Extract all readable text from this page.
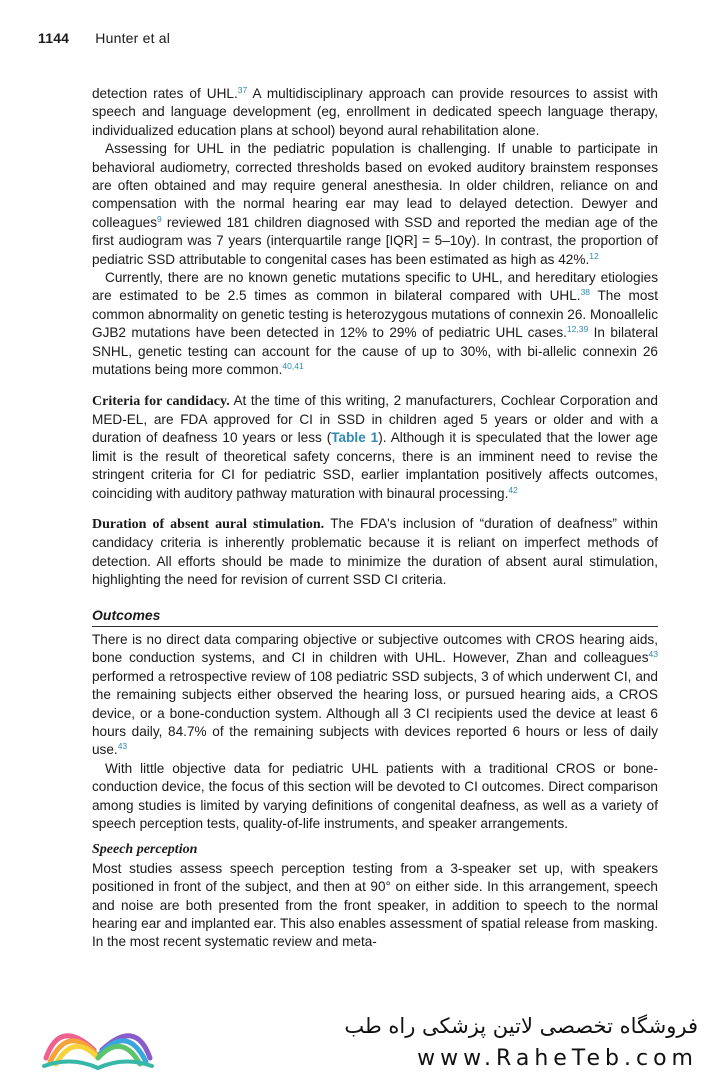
1144 Hunter et al

detection rates of UHL.$^{37}$ A multidisciplinary approach can provide resources to assist with speech and language development (eg, enrollment in dedicated speech language therapy, individualized education plans at school) beyond aural rehabilitation alone.

Assessing for UHL in the pediatric population is challenging. If unable to participate in behavioral audiometry, corrected thresholds based on evoked auditory brainstem responses are often obtained and may require general anesthesia. In older children, reliance on and compensation with the normal hearing ear may lead to delayed detection. Dewyer and colleagues$^9$ reviewed 181 children diagnosed with SSD and reported the median age of the first audiogram was 7 years (interquartile range [IQR] = 5–10y). In contrast, the proportion of pediatric SSD attributable to congenital cases has been estimated as high as 42%.$^{12}$

Currently, there are no known genetic mutations specific to UHL, and hereditary etiologies are estimated to be 2.5 times as common in bilateral compared with UHL.$^{38}$ The most common abnormality on genetic testing is heterozygous mutations of connexin 26. Monoallelic GJB2 mutations have been detected in 12% to 29% of pediatric UHL cases.$^{12,39}$ In bilateral SNHL, genetic testing can account for the cause of up to 30%, with bi-allelic connexin 26 mutations being more common.$^{40,41}$

Criteria for candidacy. At the time of this writing, 2 manufacturers, Cochlear Corporation and MED-EL, are FDA approved for CI in SSD in children aged 5 years or older and with a duration of deafness 10 years or less (Table 1). Although it is speculated that the lower age limit is the result of theoretical safety concerns, there is an imminent need to revise the stringent criteria for CI for pediatric SSD, earlier implantation positively affects outcomes, coinciding with auditory pathway maturation with binaural processing.$^{42}$

Duration of absent aural stimulation. The FDA's inclusion of “duration of deafness” within candidacy criteria is inherently problematic because it is reliant on imperfect methods of detection. All efforts should be made to minimize the duration of absent aural stimulation, highlighting the need for revision of current SSD CI criteria.

Outcomes

There is no direct data comparing objective or subjective outcomes with CROS hearing aids, bone conduction systems, and CI in children with UHL. However, Zhan and colleagues$^{43}$ performed a retrospective review of 108 pediatric SSD subjects, 3 of which underwent CI, and the remaining subjects either observed the hearing loss, or pursued hearing aids, a CROS device, or a bone-conduction system. Although all 3 CI recipients used the device at least 6 hours daily, 84.7% of the remaining subjects with devices reported 6 hours or less of daily use.$^{43}$

With little objective data for pediatric UHL patients with a traditional CROS or bone-conduction device, the focus of this section will be devoted to CI outcomes. Direct comparison among studies is limited by varying definitions of congenital deafness, as well as a variety of speech perception tests, quality-of-life instruments, and speaker arrangements.

Speech perception

Most studies assess speech perception testing from a 3-speaker set up, with speakers positioned in front of the subject, and then at 90° on either side. In this arrangement, speech and noise are both presented from the front speaker, in addition to speech to the normal hearing ear and implanted ear. This also enables assessment of spatial release from masking. In the most recent systematic review and meta-

فروشگاه تخصصی لاتین پزشکی راه طب
www.RaheTeb.com
